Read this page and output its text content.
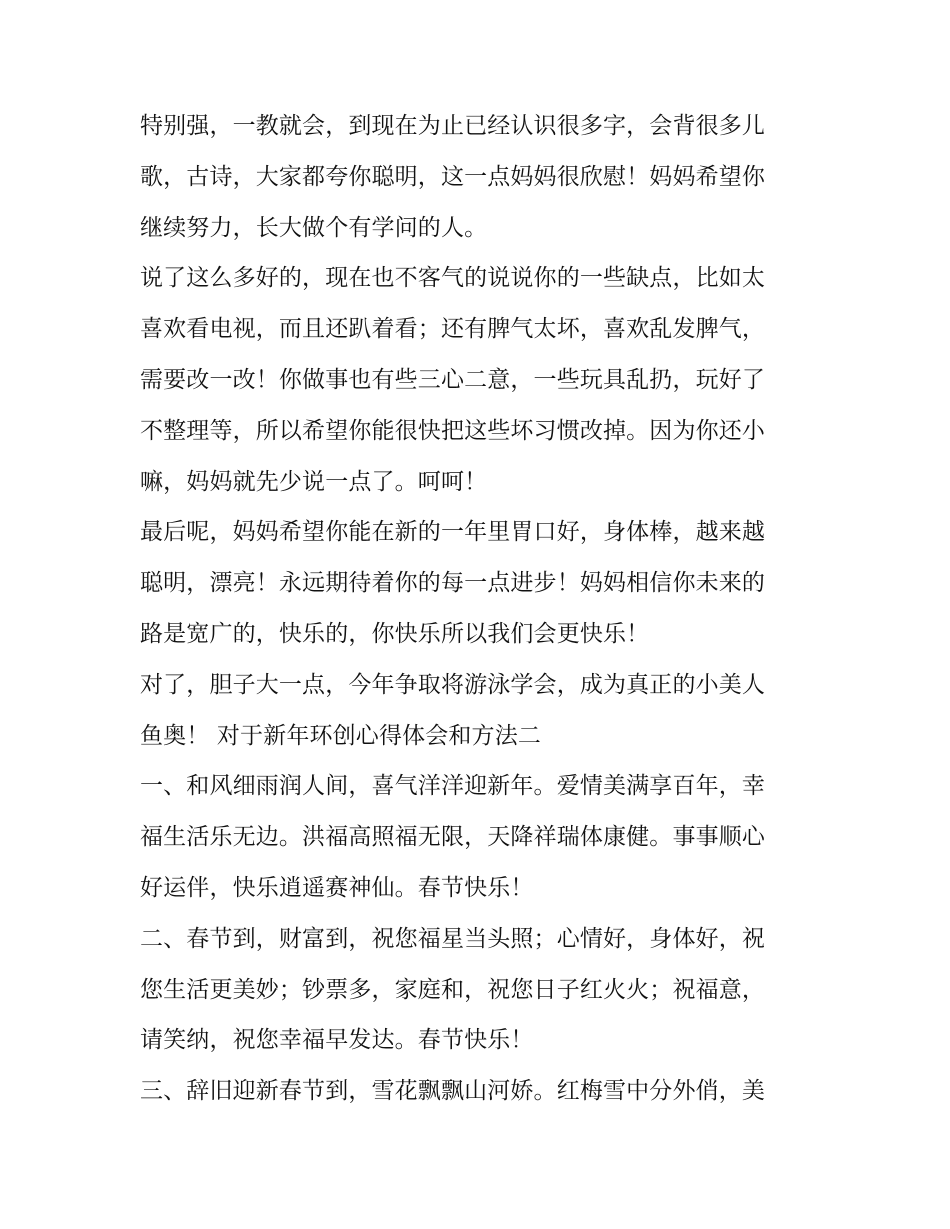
特别强，一教就会，到现在为止已经认识很多字，会背很多儿
歌，古诗，大家都夸你聪明，这一点妈妈很欣慰！妈妈希望你
继续努力，长大做个有学问的人。
说了这么多好的，现在也不客气的说说你的一些缺点，比如太
喜欢看电视，而且还趴着看；还有脾气太坏，喜欢乱发脾气，
需要改一改！你做事也有些三心二意，一些玩具乱扔，玩好了
不整理等，所以希望你能很快把这些坏习惯改掉。因为你还小
嘛，妈妈就先少说一点了。呵呵！
最后呢，妈妈希望你能在新的一年里胃口好，身体棒，越来越
聪明，漂亮！永远期待着你的每一点进步！妈妈相信你未来的
路是宽广的，快乐的，你快乐所以我们会更快乐！
对了，胆子大一点，今年争取将游泳学会，成为真正的小美人
鱼奥！ 对于新年环创心得体会和方法二
一、和风细雨润人间，喜气洋洋迎新年。爱情美满享百年，幸
福生活乐无边。洪福高照福无限，天降祥瑞体康健。事事顺心
好运伴，快乐逍遥赛神仙。春节快乐！
二、春节到，财富到，祝您福星当头照；心情好，身体好，祝
您生活更美妙；钞票多，家庭和，祝您日子红火火；祝福意，
请笑纳，祝您幸福早发达。春节快乐！
三、辞旧迎新春节到，雪花飘飘山河娇。红梅雪中分外俏，美
